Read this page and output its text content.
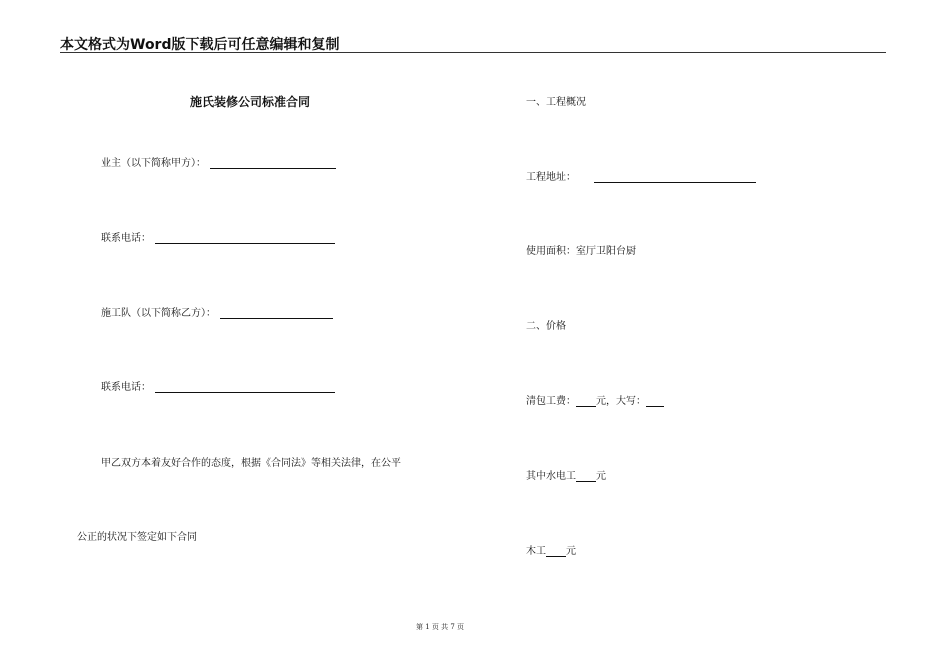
本文格式为Word版下载后可任意编辑和复制
施氏装修公司标准合同
业主（以下简称甲方）：
联系电话：
施工队（以下简称乙方）：
联系电话：
甲乙双方本着友好合作的态度，根据《合同法》等相关法律，在公平
公正的状况下签定如下合同
一、工程概况
工程地址：
使用面积：室厅卫阳台厨
二、价格
清包工费： 元，大写：
其中水电工 元
木工 元
第 1 页 共 7 页
